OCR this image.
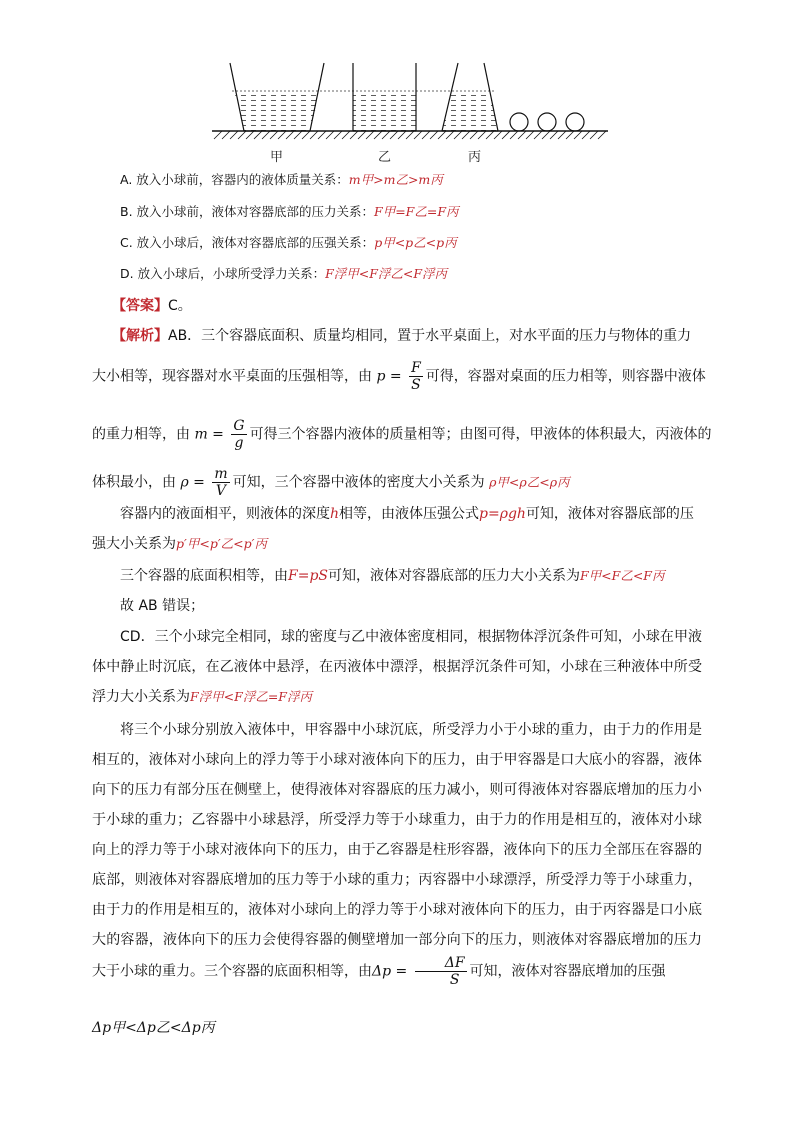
甲	乙	丙
A. 放入小球前，容器内的液体质量关系：m甲>m乙>m丙
B. 放入小球前，液体对容器底部的压力关系：F甲=F乙=F丙
C. 放入小球后，液体对容器底部的压强关系：p甲<p乙<p丙
D. 放入小球后，小球所受浮力关系：F浮甲<F浮乙<F浮丙
【答案】C。
【解析】AB．三个容器底面积、质量均相同，置于水平桌面上，对水平面的压力与物体的重力
大小相等，现容器对水平桌面的压强相等，由 $p = \frac{F}{S}$ 可得，容器对桌面的压力相等，则容器中液体
的重力相等，由 $m = \frac{G}{g}$ 可得三个容器内液体的质量相等；由图可得，甲液体的体积最大，丙液体的
体积最小，由 $\rho = \frac{m}{V}$ 可知，三个容器中液体的密度大小关系为 ρ甲<ρ乙<ρ丙
容器内的液面相平，则液体的深度h相等，由液体压强公式p=ρgh可知，液体对容器底部的压
强大小关系为p′甲<p′乙<p′丙
三个容器的底面积相等，由F=pS可知，液体对容器底部的压力大小关系为F甲<F乙<F丙
故 AB 错误；
CD．三个小球完全相同，球的密度与乙中液体密度相同，根据物体浮沉条件可知，小球在甲液体中静止时沉底，在乙液体中悬浮，在丙液体中漂浮，根据浮沉条件可知，小球在三种液体中所受浮力大小关系为F浮甲<F浮乙=F浮丙
将三个小球分别放入液体中，甲容器中小球沉底，所受浮力小于小球的重力，由于力的作用是相互的，液体对小球向上的浮力等于小球对液体向下的压力，由于甲容器是口大底小的容器，液体向下的压力有部分压在侧壁上，使得液体对容器底的压力减小，则可得液体对容器底增加的压力小于小球的重力；乙容器中小球悬浮，所受浮力等于小球重力，由于力的作用是相互的，液体对小球向上的浮力等于小球对液体向下的压力，由于乙容器是柱形容器，液体向下的压力全部压在容器的底部，则液体对容器底增加的压力等于小球的重力；丙容器中小球漂浮，所受浮力等于小球重力，由于力的作用是相互的，液体对小球向上的浮力等于小球对液体向下的压力，由于丙容器是口小底大的容器，液体向下的压力会使得容器的侧壁增加一部分向下的压力，则液体对容器底增加的压力大于小球的重力。三个容器的底面积相等，由$\Delta p = \frac{\Delta F}{S}$ 可知，液体对容器底增加的压强
Δp甲<Δp乙<Δp丙
